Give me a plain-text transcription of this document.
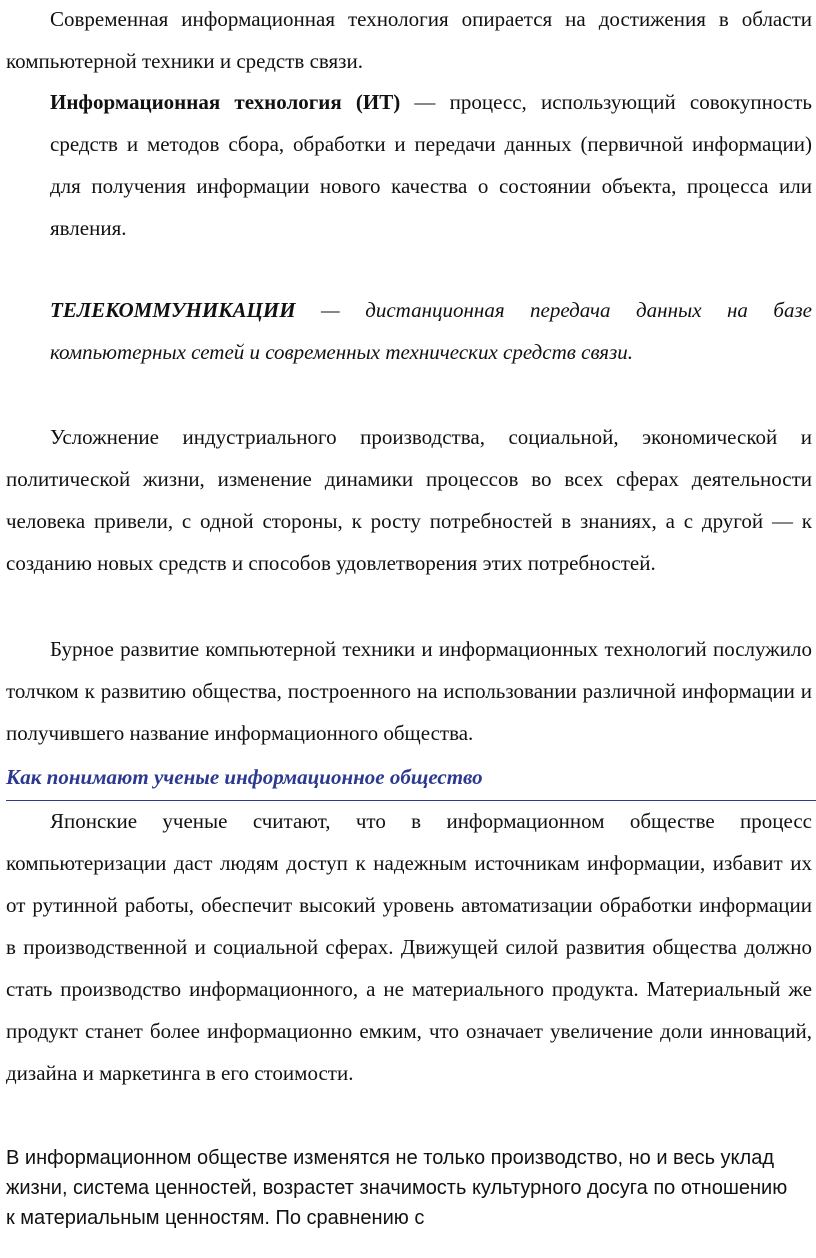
Современная информационная технология опирается на достижения в области компьютерной техники и средств связи.

Информационная технология (ИТ) — процесс, использующий совокупность средств и методов сбора, обработки и передачи данных (первичной информации) для получения информации нового качества о состоянии объекта, процесса или явления.

ТЕЛЕКОММУНИКАЦИИ — дистанционная передача данных на базе компьютерных сетей и современных технических средств связи.

Усложнение индустриального производства, социальной, экономической и политической жизни, изменение динамики процессов во всех сферах деятельности человека привели, с одной стороны, к росту потребностей в знаниях, а с другой — к созданию новых средств и способов удовлетворения этих потребностей.

Бурное развитие компьютерной техники и информационных технологий послужило толчком к развитию общества, построенного на использовании различной информации и получившего название информационного общества.

Как понимают ученые информационное общество

Японские ученые считают, что в информационном обществе процесс компьютеризации даст людям доступ к надежным источникам информации, избавит их от рутинной работы, обеспечит высокий уровень автоматизации обработки информации в производственной и социальной сферах. Движущей силой развития общества должно стать производство информационного, а не материального продукта. Материальный же продукт станет более информационно емким, что означает увеличение доли инноваций, дизайна и маркетинга в его стоимости.

В информационном обществе изменятся не только производство, но и весь уклад жизни, система ценностей, возрастет значимость культурного досуга по отношению к материальным ценностям. По сравнению с
